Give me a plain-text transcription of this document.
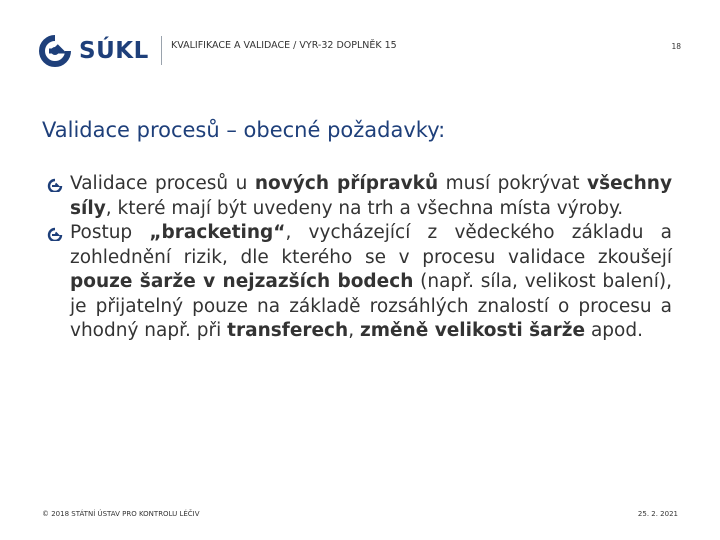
SÚKL KVALIFIKACE A VALIDACE / VYR-32 DOPLNĚK 15	18
Validace procesů – obecné požadavky:
Validace procesů u nových přípravků musí pokrývat všechny síly, které mají být uvedeny na trh a všechna místa výroby.
Postup „bracketing“, vycházející z vědeckého základu a zohlednění rizik, dle kterého se v procesu validace zkoušejí pouze šarže v nejzazších bodech (např. síla, velikost balení), je přijatelný pouze na základě rozsáhlých znalostí o procesu a vhodný např. při transferech, změně velikosti šarže apod.
© 2018 STÁTNÍ ÚSTAV PRO KONTROLU LÉČIV	25. 2. 2021
